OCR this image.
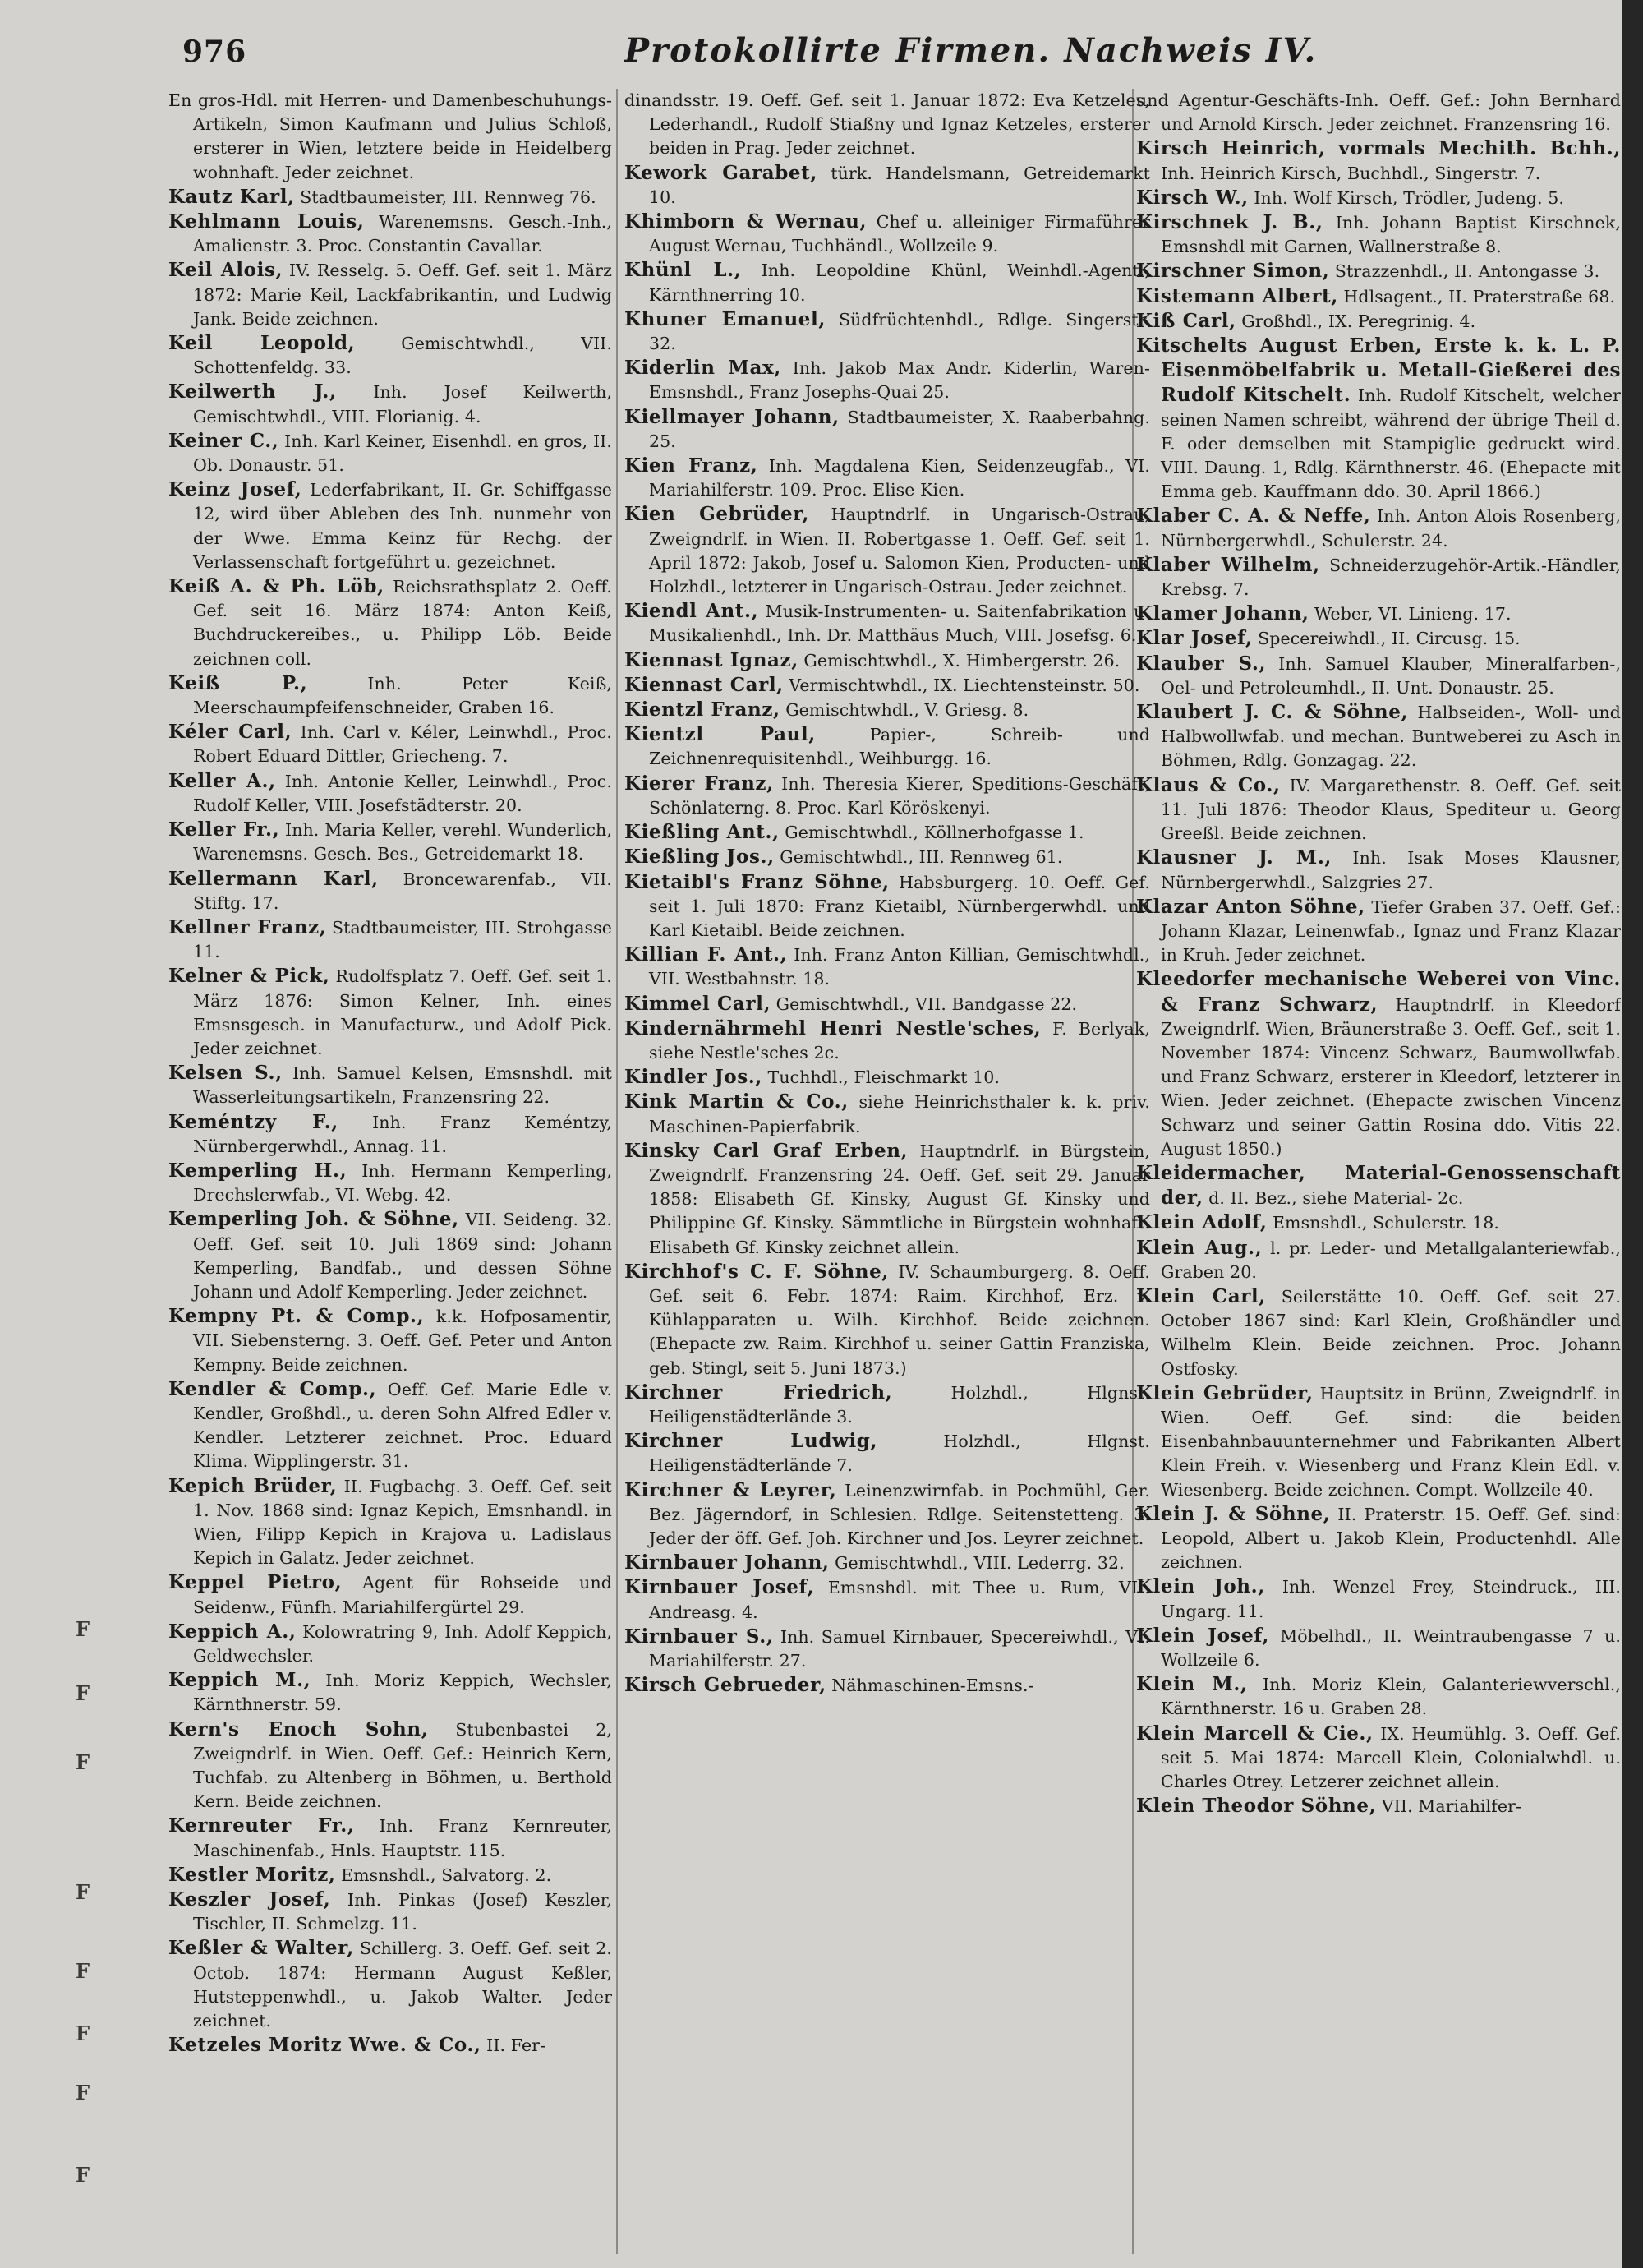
976	Protokollirte Firmen. Nachweis IV.

En gros-Hdl. mit Herren- und Damenbeschuhungs-Artikeln, Simon Kaufmann und Julius Schloß, ersterer in Wien, letztere beide in Heidelberg wohnhaft. Jeder zeichnet.

Kautz Karl, Stadtbaumeister, III. Rennweg 76.

Kehlmann Louis, Warenemsns. Gesch.-Inh., Amalienstr. 3. Proc. Constantin Cavallar.

Keil Alois, IV. Resselg. 5. Oeff. Gef. seit 1. März 1872: Marie Keil, Lackfabrikantin, und Ludwig Jank. Beide zeichnen.

Keil Leopold,	Gemischtwhdl., VII. Schottenfeldg. 33.

Keilwerth J., Inh. Josef Keilwerth, Gemischtwhdl., VIII. Florianig. 4.

Keiner C., Inh. Karl Keiner, Eisenhdl. en gros, II. Ob. Donaustr. 51.

Keinz Josef, Lederfabrikant, II. Gr. Schiffgasse 12, wird über Ableben des Inh. nunmehr von der Wwe. Emma Keinz für Rechg. der Verlassenschaft fortgeführt u. gezeichnet.

Keiß A. & Ph. Löb, Reichsrathsplatz 2. Oeff. Gef. seit 16. März 1874: Anton Keiß, Buchdruckereibes., u. Philipp Löb. Beide zeichnen coll.

Keiß P.,	Inh. Peter Keiß, Meerschaumpfeifenschneider, Graben 16.

Kéler Carl, Inh. Carl v. Kéler, Leinwhdl., Proc. Robert Eduard Dittler, Griecheng. 7.

Keller A., Inh. Antonie Keller, Leinwhdl., Proc. Rudolf Keller, VIII. Josefstädterstr. 20.

Keller Fr., Inh. Maria Keller, verehl. Wunderlich, Warenemsns. Gesch. Bes., Getreidemarkt 18.

Kellermann Karl, Broncewarenfab., VII. Stiftg. 17.

Kellner Franz, Stadtbaumeister, III. Strohgasse 11.

Kelner & Pick, Rudolfsplatz 7. Oeff. Gef. seit 1. März 1876: Simon Kelner, Inh. eines Emsnsgesch. in Manufacturw., und Adolf Pick. Jeder zeichnet.

Kelsen S., Inh. Samuel Kelsen, Emsnshdl. mit Wasserleitungsartikeln, Franzensring 22.

Keméntzy F., Inh. Franz Keméntzy, Nürnbergerwhdl., Annag. 11.

Kemperling H., Inh. Hermann Kemperling, Drechslerwfab., VI. Webg. 42.

Kemperling Joh. & Söhne, VII. Seideng. 32. Oeff. Gef. seit 10. Juli 1869 sind: Johann Kemperling, Bandfab., und dessen Söhne Johann und Adolf Kemperling. Jeder zeichnet.

Kempny Pt. & Comp., k.k. Hofposamentir, VII. Siebensterng. 3. Oeff. Gef. Peter und Anton Kempny. Beide zeichnen.

Kendler & Comp., Oeff. Gef. Marie Edle v. Kendler, Großhdl., u. deren Sohn Alfred Edler v. Kendler. Letzterer zeichnet. Proc. Eduard Klima. Wipplingerstr. 31.

Kepich Brüder, II. Fugbachg. 3. Oeff. Gef. seit 1. Nov. 1868 sind: Ignaz Kepich, Emsnhandl. in Wien, Filipp Kepich in Krajova u. Ladislaus Kepich in Galatz. Jeder zeichnet.

Keppel Pietro, Agent für Rohseide und Seidenw., Fünfh. Mariahilfergürtel 29.

Keppich A., Kolowratring 9, Inh. Adolf Keppich, Geldwechsler.

Keppich M., Inh. Moriz Keppich, Wechsler, Kärnthnerstr. 59.

Kern's Enoch Sohn, Stubenbastei 2, Zweigndrlf. in Wien. Oeff. Gef.: Heinrich Kern, Tuchfab. zu Altenberg in Böhmen, u. Berthold Kern. Beide zeichnen.

Kernreuter Fr., Inh. Franz Kernreuter, Maschinenfab., Hnls. Hauptstr. 115.

Kestler Moritz, Emsnshdl., Salvatorg. 2.

Keszler Josef, Inh. Pinkas (Josef) Keszler, Tischler, II. Schmelzg. 11.

Keßler & Walter, Schillerg. 3. Oeff. Gef. seit 2. Octob. 1874: Hermann August Keßler, Hutsteppenwhdl., u. Jakob Walter. Jeder zeichnet.

Ketzeles Moritz Wwe. & Co., II. Fer-

dinandsstr. 19. Oeff. Gef. seit 1. Januar 1872: Eva Ketzeles, Lederhandl., Rudolf Stiaßny und Ignaz Ketzeles, ersterer beiden in Prag. Jeder zeichnet.

Kework Garabet, türk. Handelsmann, Getreidemarkt 10.

Khimborn & Wernau, Chef u. alleiniger Firmaführer August Wernau, Tuchhändl., Wollzeile 9.

Khünl L., Inh. Leopoldine Khünl, Weinhdl.-Agent., Kärnthnerring 10.

Khuner Emanuel, Südfrüchtenhdl., Rdlge. Singerstr. 32.

Kiderlin Max, Inh. Jakob Max Andr. Kiderlin, Waren-Emsnshdl., Franz Josephs-Quai 25.

Kiellmayer Johann, Stadtbaumeister, X. Raaberbahng. 25.

Kien Franz, Inh. Magdalena Kien, Seidenzeugfab., VI. Mariahilferstr. 109. Proc. Elise Kien.

Kien Gebrüder, Hauptndrlf. in Ungarisch-Ostrau, Zweigndrlf. in Wien. II. Robertgasse 1. Oeff. Gef. seit 1. April 1872: Jakob, Josef u. Salomon Kien, Producten- und Holzhdl., letzterer in Ungarisch-Ostrau. Jeder zeichnet.

Kiendl Ant., Musik-Instrumenten- u. Saitenfabrikation u. Musikalienhdl., Inh. Dr. Matthäus Much, VIII. Josefsg. 6.

Kiennast Ignaz, Gemischtwhdl., X. Himbergerstr. 26.

Kiennast Carl, Vermischtwhdl., IX. Liechtensteinstr. 50.

Kientzl Franz, Gemischtwhdl., V. Griesg. 8.

Kientzl Paul,	Papier-, Schreib- und Zeichnenrequisitenhdl., Weihburgg. 16.

Kierer Franz, Inh. Theresia Kierer, Speditions-Geschäft, Schönlaterng. 8. Proc. Karl Köröskenyi.

Kießling Ant., Gemischtwhdl., Köllnerhofgasse 1.

Kießling Jos., Gemischtwhdl., III. Rennweg 61.

Kietaibl's Franz Söhne, Habsburgerg. 10. Oeff. Gef. seit 1. Juli 1870: Franz Kietaibl, Nürnbergerwhdl. und Karl Kietaibl. Beide zeichnen.

Killian F. Ant., Inh. Franz Anton Killian, Gemischtwhdl., VII. Westbahnstr. 18.

Kimmel Carl, Gemischtwhdl., VII. Bandgasse 22.

Kindernährmehl Henri Nestle'sches, F. Berlyak, siehe Nestle'sches 2c.

Kindler Jos., Tuchhdl., Fleischmarkt 10.

Kink Martin & Co., siehe Heinrichsthaler k. k. priv. Maschinen-Papierfabrik.

Kinsky Carl Graf Erben, Hauptndrlf. in Bürgstein, Zweigndrlf. Franzensring 24. Oeff. Gef. seit 29. Januar 1858: Elisabeth Gf. Kinsky, August Gf. Kinsky und Philippine Gf. Kinsky. Sämmtliche in Bürgstein wohnhaft. Elisabeth Gf. Kinsky zeichnet allein.

Kirchhof's C. F. Söhne, IV. Schaumburgerg. 8. Oeff. Gef. seit 6. Febr. 1874: Raim. Kirchhof, Erz. v. Kühlapparaten u. Wilh. Kirchhof. Beide zeichnen. (Ehepacte zw. Raim. Kirchhof u. seiner Gattin Franziska, geb. Stingl, seit 5. Juni 1873.)

Kirchner Friedrich,	Holzhdl., Hlgnst. Heiligenstädterlände 3.

Kirchner Ludwig,	Holzhdl., Hlgnst. Heiligenstädterlände 7.

Kirchner & Leyrer, Leinenzwirnfab. in Pochmühl, Ger. Bez. Jägerndorf, in Schlesien. Rdlge. Seitenstetteng. 3. Jeder der öff. Gef. Joh. Kirchner und Jos. Leyrer zeichnet.

Kirnbauer Johann, Gemischtwhdl., VIII. Lederrg. 32.

Kirnbauer Josef, Emsnshdl. mit Thee u. Rum, VII. Andreasg. 4.

Kirnbauer S., Inh. Samuel Kirnbauer, Specereiwhdl., VI. Mariahilferstr. 27.

Kirsch Gebrueder, Nähmaschinen-Emsns.-

und Agentur-Geschäfts-Inh. Oeff. Gef.: John Bernhard und Arnold Kirsch. Jeder zeichnet. Franzensring 16.

Kirsch Heinrich, vormals Mechith. Bchh., Inh. Heinrich Kirsch, Buchhdl., Singerstr. 7.

Kirsch W., Inh. Wolf Kirsch, Trödler, Judeng. 5.

Kirschnek J. B., Inh. Johann Baptist Kirschnek, Emsnshdl mit Garnen, Wallnerstraße 8.

Kirschner Simon, Strazzenhdl., II. Antongasse 3.

Kistemann Albert, Hdlsagent., II. Praterstraße 68.

Kiß Carl, Großhdl., IX. Peregrinig. 4.

Kitschelts August Erben, Erste k. k. L. P. Eisenmöbelfabrik u. Metall-Gießerei des Rudolf Kitschelt. Inh. Rudolf Kitschelt, welcher seinen Namen schreibt, während der übrige Theil d. F. oder demselben mit Stampiglie gedruckt wird. VIII. Daung. 1, Rdlg. Kärnthnerstr. 46. (Ehepacte mit Emma geb. Kauffmann ddo. 30. April 1866.)

Klaber C. A. & Neffe, Inh. Anton Alois Rosenberg, Nürnbergerwhdl., Schulerstr. 24.

Klaber Wilhelm, Schneiderzugehör-Artik.-Händler, Krebsg. 7.

Klamer Johann, Weber, VI. Linieng. 17.

Klar Josef, Specereiwhdl., II. Circusg. 15.

Klauber S., Inh. Samuel Klauber, Mineralfarben-, Oel- und Petroleumhdl., II. Unt. Donaustr. 25.

Klaubert J. C. & Söhne, Halbseiden-, Woll- und Halbwollwfab. und mechan. Buntweberei zu Asch in Böhmen, Rdlg. Gonzagag. 22.

Klaus & Co., IV. Margarethenstr. 8. Oeff. Gef. seit 11. Juli 1876: Theodor Klaus, Spediteur u. Georg Greeßl. Beide zeichnen.

Klausner J. M., Inh. Isak Moses Klausner, Nürnbergerwhdl., Salzgries 27.

Klazar Anton Söhne, Tiefer Graben 37. Oeff. Gef.: Johann Klazar, Leinenwfab., Ignaz und Franz Klazar in Kruh. Jeder zeichnet.

Kleedorfer mechanische Weberei von Vinc. & Franz Schwarz, Hauptndrlf. in Kleedorf Zweigndrlf. Wien, Bräunerstraße 3. Oeff. Gef., seit 1. November 1874: Vincenz Schwarz, Baumwollwfab. und Franz Schwarz, ersterer in Kleedorf, letzterer in Wien. Jeder zeichnet. (Ehepacte zwischen Vincenz Schwarz und seiner Gattin Rosina ddo. Vitis 22. August 1850.)

Kleidermacher, Material-Genossenschaft der, d. II. Bez., siehe Material- 2c.

Klein Adolf, Emsnshdl., Schulerstr. 18.

Klein Aug., l. pr. Leder- und Metallgalanteriewfab., Graben 20.

Klein Carl, Seilerstätte 10. Oeff. Gef. seit 27. October 1867 sind: Karl Klein, Großhändler und Wilhelm Klein. Beide zeichnen. Proc. Johann Ostfosky.

Klein Gebrüder, Hauptsitz in Brünn, Zweigndrlf. in Wien. Oeff. Gef. sind: die beiden Eisenbahnbauunternehmer und Fabrikanten Albert Klein Freih. v. Wiesenberg und Franz Klein Edl. v. Wiesenberg. Beide zeichnen. Compt. Wollzeile 40.

Klein J. & Söhne, II. Praterstr. 15. Oeff. Gef. sind: Leopold, Albert u. Jakob Klein, Productenhdl. Alle zeichnen.

Klein Joh., Inh. Wenzel Frey, Steindruck., III. Ungarg. 11.

Klein Josef, Möbelhdl., II. Weintraubengasse 7 u. Wollzeile 6.

Klein M., Inh. Moriz Klein, Galanteriewverschl., Kärnthnerstr. 16 u. Graben 28.

Klein Marcell & Cie., IX. Heumühlg. 3. Oeff. Gef. seit 5. Mai 1874: Marcell Klein, Colonialwhdl. u. Charles Otrey. Letzerer zeichnet allein.

Klein Theodor Söhne, VII. Mariahilfer-

F
F
F
F
F
F
F
F
